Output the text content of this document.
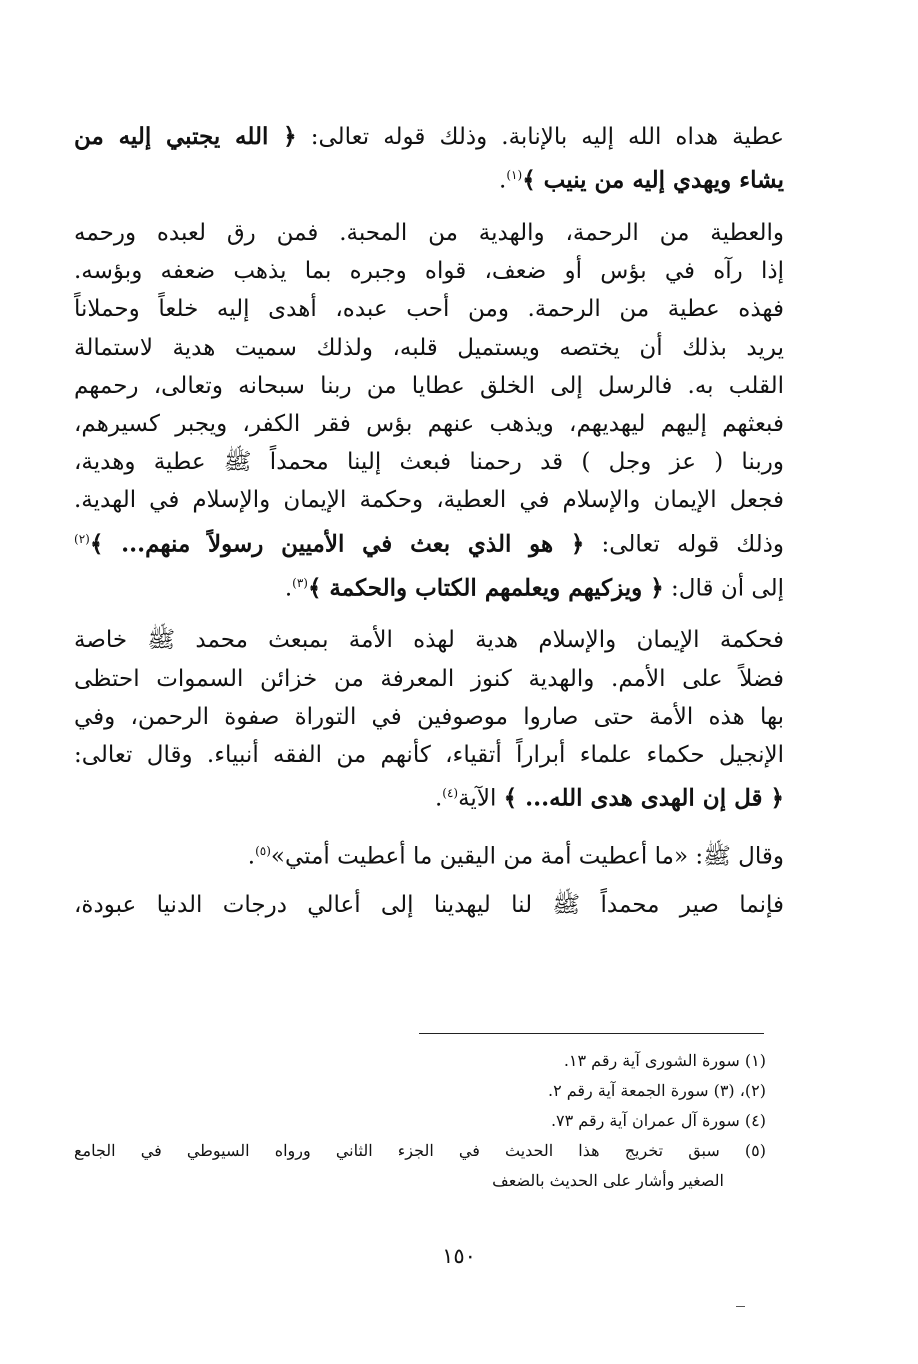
عطية هداه الله إليه بالإنابة. وذلك قوله تعالى: ﴿ الله يجتبي إليه من
يشاء ويهدي إليه من ينيب ﴾$^{(١)}$.

والعطية من الرحمة، والهدية من المحبة. فمن رق لعبده ورحمه
إذا رآه في بؤس أو ضعف، قواه وجبره بما يذهب ضعفه وبؤسه.
فهذه عطية من الرحمة. ومن أحب عبده، أهدى إليه خلعاً وحملاناً
يريد بذلك أن يختصه ويستميل قلبه، ولذلك سميت هدية لاستمالة
القلب به. فالرسل إلى الخلق عطايا من ربنا سبحانه وتعالى، رحمهم
فبعثهم إليهم ليهديهم، ويذهب عنهم بؤس فقر الكفر، ويجبر كسيرهم،
وربنا ( عز وجل ) قد رحمنا فبعث إلينا محمداً ﷺ عطية وهدية،
فجعل الإيمان والإسلام في العطية، وحكمة الإيمان والإسلام في الهدية.
وذلك قوله تعالى: ﴿ هو الذي بعث في الأميين رسولاً منهم... ﴾$^{(٢)}$
إلى أن قال: ﴿ ويزكيهم ويعلمهم الكتاب والحكمة ﴾$^{(٣)}$.

فحكمة الإيمان والإسلام هدية لهذه الأمة بمبعث محمد ﷺ خاصة
فضلاً على الأمم. والهدية كنوز المعرفة من خزائن السموات احتظى
بها هذه الأمة حتى صاروا موصوفين في التوراة صفوة الرحمن، وفي
الإنجيل حكماء علماء أبراراً أتقياء، كأنهم من الفقه أنبياء. وقال تعالى:
﴿ قل إن الهدى هدى الله... ﴾ الآية$^{(٤)}$.

وقال ﷺ: «ما أعطيت أمة من اليقين ما أعطيت أمتي»$^{(٥)}$.

فإنما صير محمداً ﷺ لنا ليهدينا إلى أعالي درجات الدنيا عبودة،

(١) سورة الشورى آية رقم ١٣.
(٢)، (٣) سورة الجمعة آية رقم ٢.
(٤) سورة آل عمران آية رقم ٧٣.
(٥) سبق تخريج هذا الحديث في الجزء الثاني ورواه السيوطي في الجامع
الصغير وأشار على الحديث بالضعف
١٥٠
